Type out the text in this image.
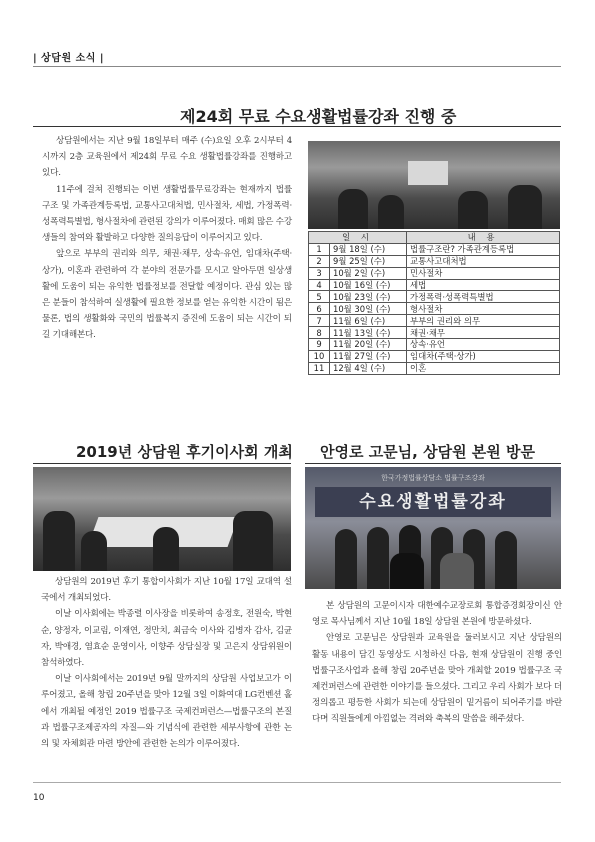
| 상담원 소식 |
제24회 무료 수요생활법률강좌 진행 중

상담원에서는 지난 9월 18일부터 매주 (수)요일 오후 2시부터 4시까지 2층 교육원에서 제24회 무료 수요 생활법률강좌를 진행하고 있다.

11주에 걸쳐 진행되는 이번 생활법률무료강좌는 현재까지 법률구조 및 가족관계등록법, 교통사고대처법, 민사절차, 세법, 가정폭력·성폭력특별법, 형사절차에 관련된 강의가 이루어졌다. 매회 많은 수강생들의 참여와 활발하고 다양한 질의응답이 이루어지고 있다.

앞으로 부부의 권리와 의무, 채권·채무, 상속·유언, 임대차(주택·상가), 이혼과 관련하여 각 분야의 전문가를 모시고 알아두면 일상생활에 도움이 되는 유익한 법률정보를 전달할 예정이다. 관심 있는 많은 분들이 참석하여 실생활에 필요한 정보를 얻는 유익한 시간이 됨은 물론, 법의 생활화와 국민의 법률복지 증진에 도움이 되는 시간이 되길 기대해본다.

일 시		내 용
1	9월 18일 (수)	법률구조란? 가족관계등록법
2	9월 25일 (수)	교통사고대처법
3	10월 2일 (수)	민사절차
4	10월 16일 (수)	세법
5	10월 23일 (수)	가정폭력·성폭력특별법
6	10월 30일 (수)	형사절차
7	11월 6일 (수)	부부의 권리와 의무
8	11월 13일 (수)	채권·채무
9	11월 20일 (수)	상속·유언
10	11월 27일 (수)	임대차(주택·상가)
11	12월 4일 (수)	이혼
2019년 상담원 후기이사회 개최

상담원의 2019년 후기 통합이사회가 지난 10월 17일 교대역 설국에서 개최되었다.

이날 이사회에는 박종렬 이사장을 비롯하여 송정호, 전원숙, 박현순, 양정자, 이교림, 이재연, 정만치, 최금숙 이사와 김병자 감사, 김균자, 박애경, 염효순 운영이사, 이향주 상담실장 및 고은지 상담위원이 참석하였다.

이날 이사회에서는 2019년 9월 말까지의 상담원 사업보고가 이루어졌고, 올해 창립 20주년을 맞아 12월 3일 이화여대 LG컨벤션 홀에서 개최될 예정인 2019 법률구조 국제컨퍼런스—법률구조의 본질과 법률구조제공자의 자질—와 기념식에 관련한 세부사항에 관한 논의 및 자체회관 마련 방안에 관련한 논의가 이루어졌다.

안영로 고문님, 상담원 본원 방문
한국가정법률상담소 법률구조강좌
수요생활법률강좌

본 상담원의 고문이시자 대한예수교장로회 통합증경회장이신 안영로 목사님께서 지난 10월 18일 상담원 본원에 방문하셨다.

안영로 고문님은 상담원과 교육원을 둘러보시고 지난 상담원의 활동 내용이 담긴 동영상도 시청하신 다음, 현재 상담원이 진행 중인 법률구조사업과 올해 창립 20주년을 맞아 개최할 2019 법률구조 국제컨퍼런스에 관련한 이야기를 들으셨다. 그리고 우리 사회가 보다 더 정의롭고 평등한 사회가 되는데 상담원이 밑거름이 되어주기를 바란다며 직원들에게 아낌없는 격려와 축복의 말씀을 해주셨다.

10
